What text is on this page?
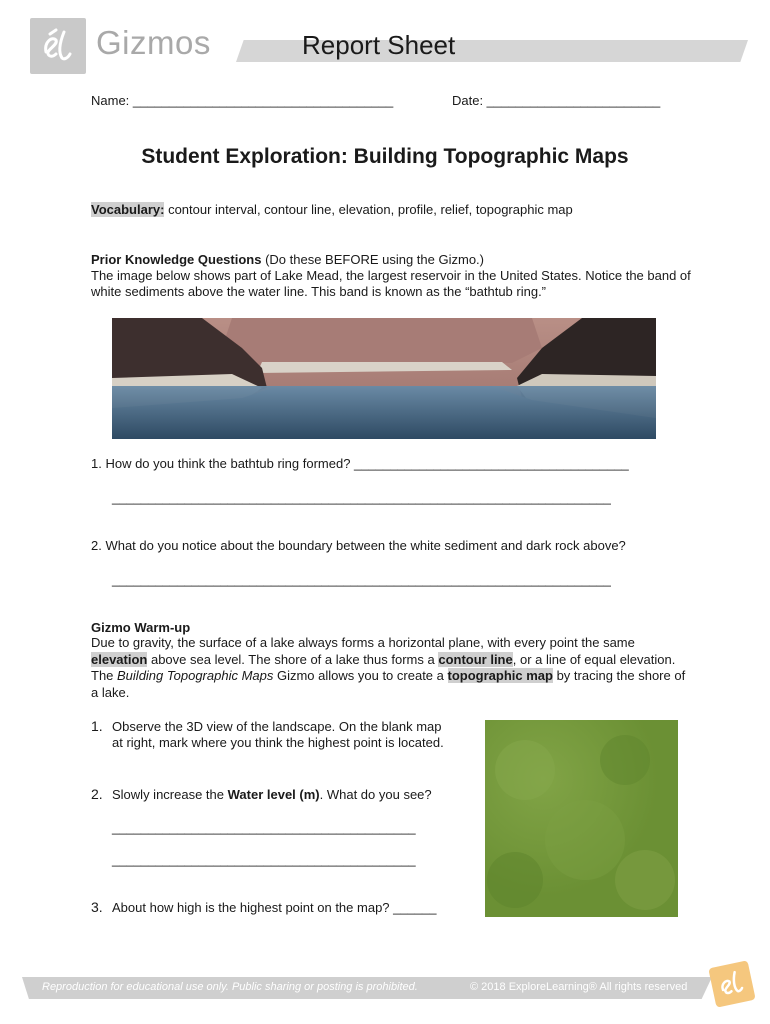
Gizmos	Report Sheet
Name: ____________________________________	Date: ________________________
Student Exploration: Building Topographic Maps
Vocabulary: contour interval, contour line, elevation, profile, relief, topographic map
Prior Knowledge Questions (Do these BEFORE using the Gizmo.)
The image below shows part of Lake Mead, the largest reservoir in the United States. Notice the band of white sediments above the water line. This band is known as the “bathtub ring.”
1. How do you think the bathtub ring formed? ______________________________________
_____________________________________________________________________
2. What do you notice about the boundary between the white sediment and dark rock above?
_____________________________________________________________________
Gizmo Warm-up
Due to gravity, the surface of a lake always forms a horizontal plane, with every point the same elevation above sea level. The shore of a lake thus forms a contour line, or a line of equal elevation. The Building Topographic Maps Gizmo allows you to create a topographic map by tracing the shore of a lake.
1. Observe the 3D view of the landscape. On the blank map
at right, mark where you think the highest point is located.
2. Slowly increase the Water level (m). What do you see?
__________________________________________
__________________________________________
3. About how high is the highest point on the map? ______
Reproduction for educational use only. Public sharing or posting is prohibited.	© 2018 ExploreLearning® All rights reserved
